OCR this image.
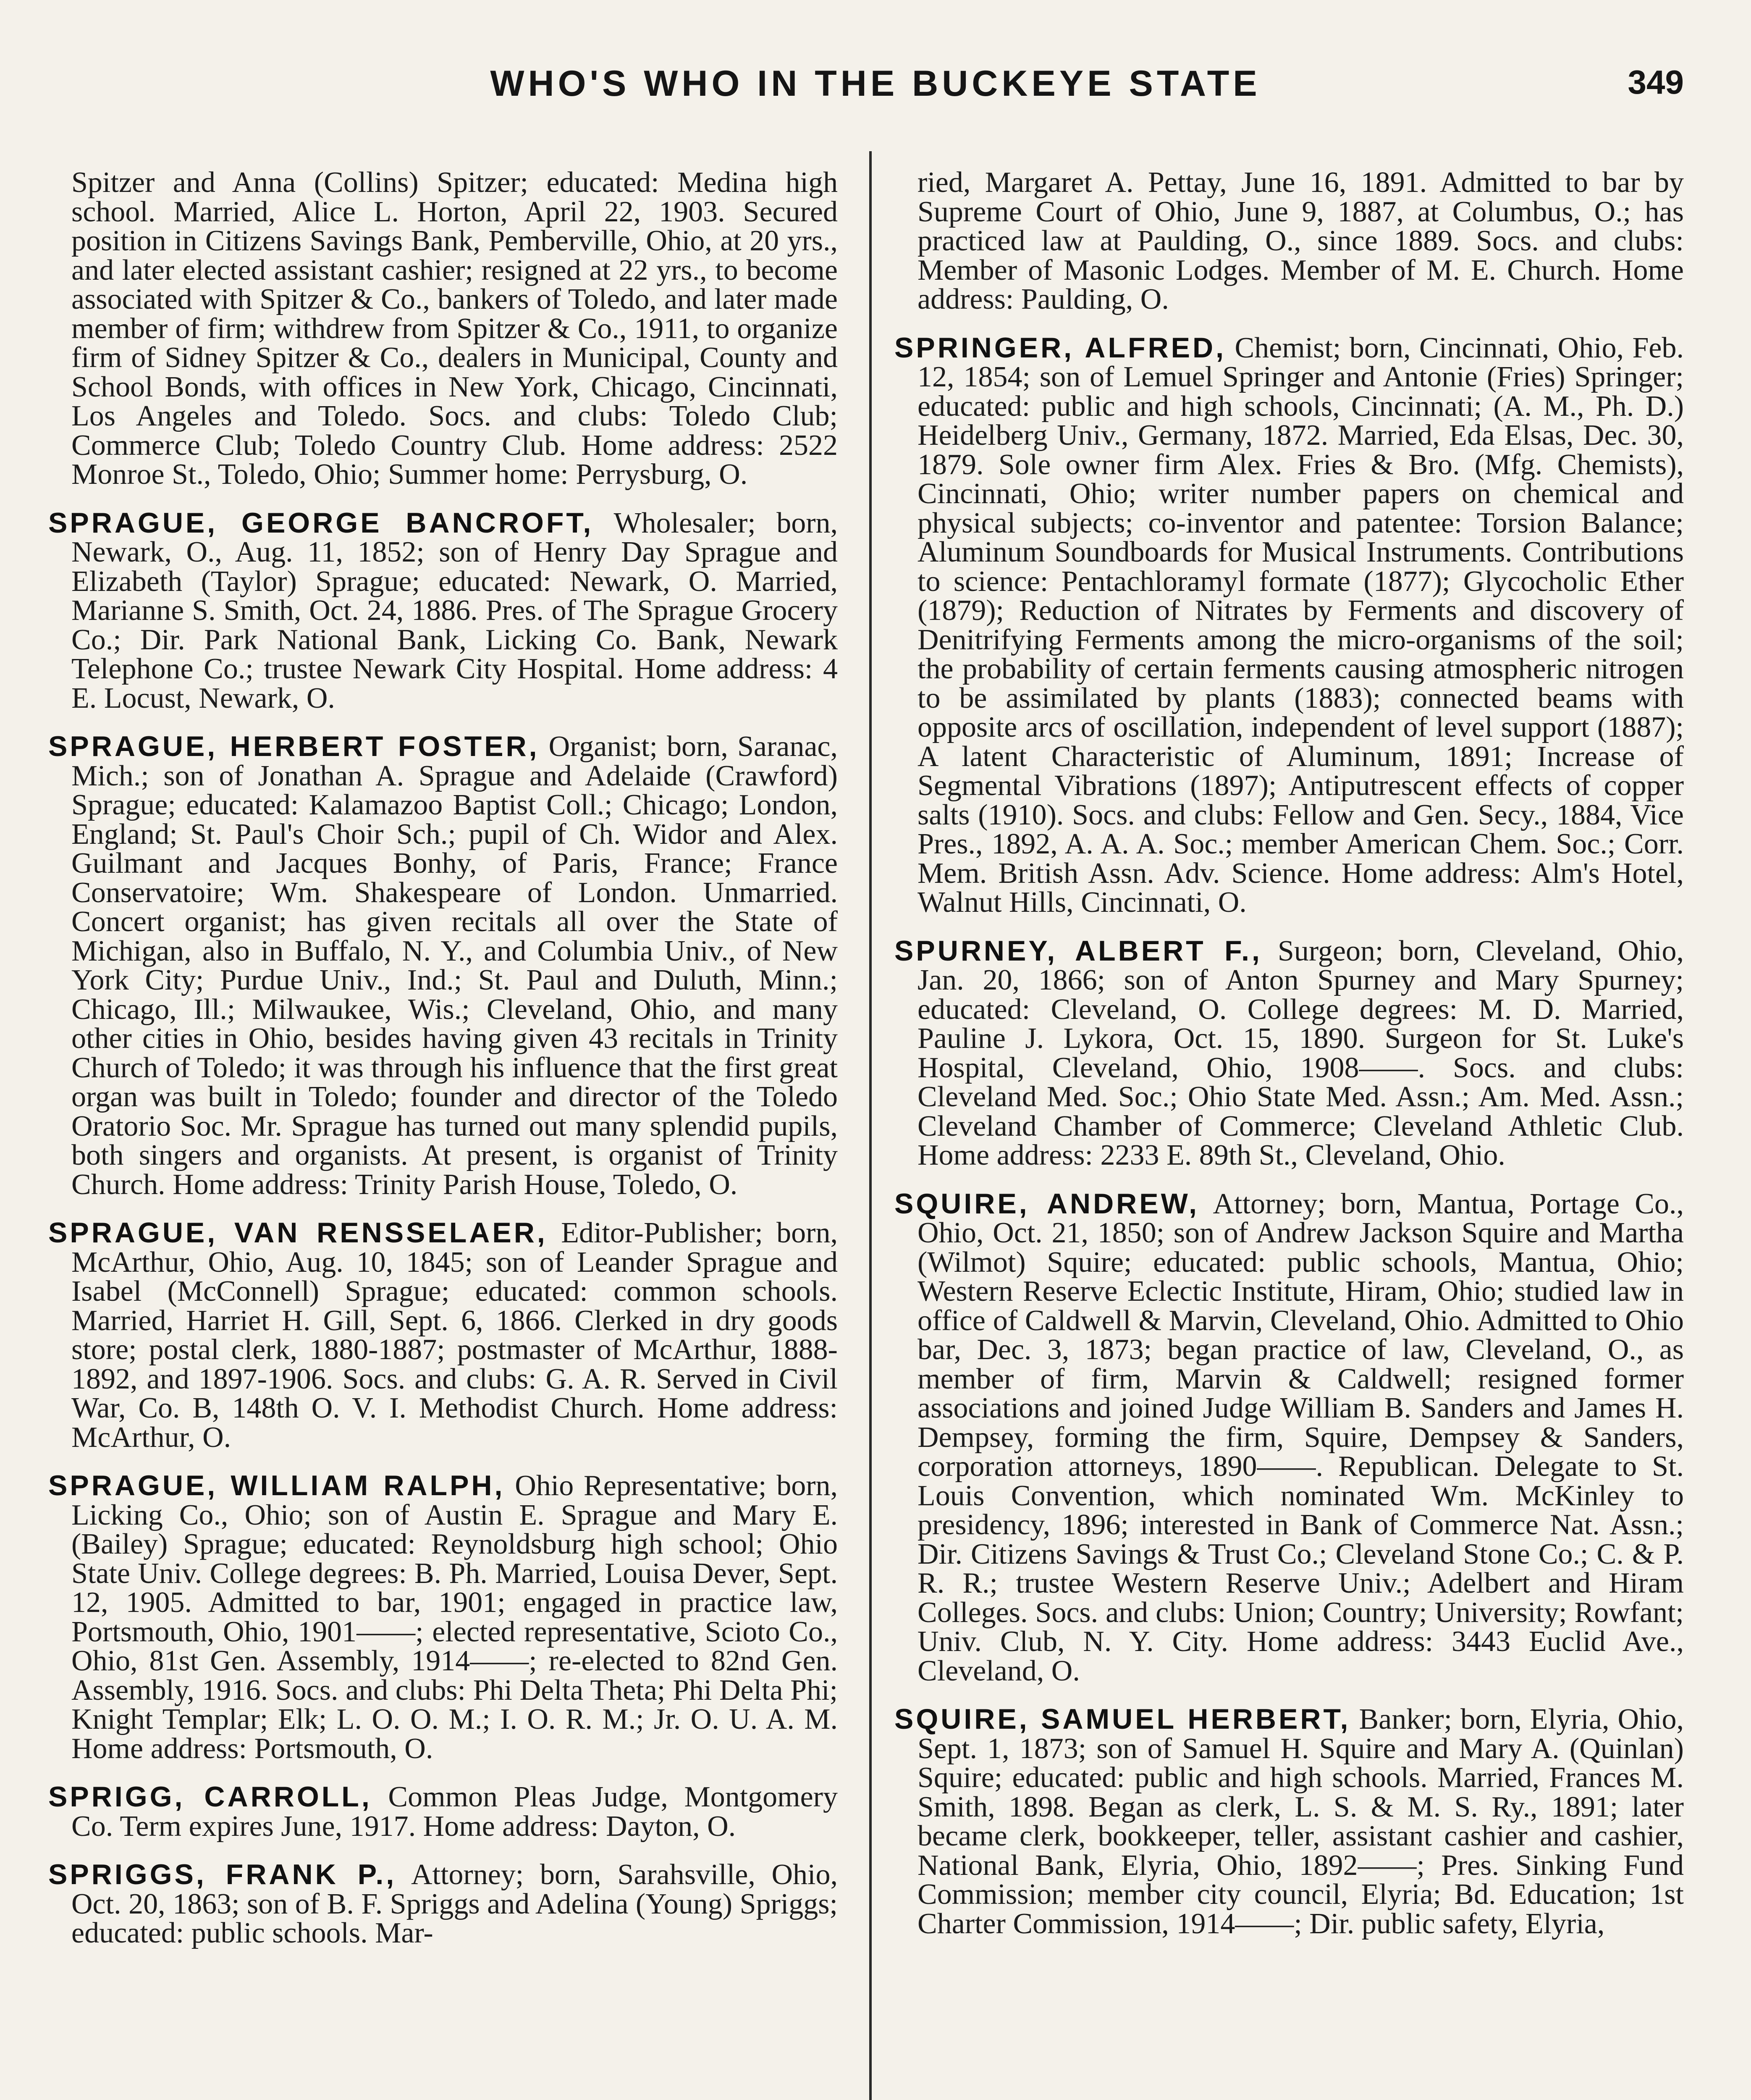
WHO'S WHO IN THE BUCKEYE STATE	349

Spitzer and Anna (Collins) Spitzer; educated: Medina high school. Married, Alice L. Horton, April 22, 1903. Secured position in Citizens Savings Bank, Pemberville, Ohio, at 20 yrs., and later elected assistant cashier; resigned at 22 yrs., to become associated with Spitzer & Co., bankers of Toledo, and later made member of firm; withdrew from Spitzer & Co., 1911, to organize firm of Sidney Spitzer & Co., dealers in Municipal, County and School Bonds, with offices in New York, Chicago, Cincinnati, Los Angeles and Toledo. Socs. and clubs: Toledo Club; Commerce Club; Toledo Country Club. Home address: 2522 Monroe St., Toledo, Ohio; Summer home: Perrysburg, O.

SPRAGUE, GEORGE BANCROFT, Wholesaler; born, Newark, O., Aug. 11, 1852; son of Henry Day Sprague and Elizabeth (Taylor) Sprague; educated: Newark, O. Married, Marianne S. Smith, Oct. 24, 1886. Pres. of The Sprague Grocery Co.; Dir. Park National Bank, Licking Co. Bank, Newark Telephone Co.; trustee Newark City Hospital. Home address: 4 E. Locust, Newark, O.

SPRAGUE, HERBERT FOSTER, Organist; born, Saranac, Mich.; son of Jonathan A. Sprague and Adelaide (Crawford) Sprague; educated: Kalamazoo Baptist Coll.; Chicago; London, England; St. Paul's Choir Sch.; pupil of Ch. Widor and Alex. Guilmant and Jacques Bonhy, of Paris, France; France Conservatoire; Wm. Shakespeare of London. Unmarried. Concert organist; has given recitals all over the State of Michigan, also in Buffalo, N. Y., and Columbia Univ., of New York City; Purdue Univ., Ind.; St. Paul and Duluth, Minn.; Chicago, Ill.; Milwaukee, Wis.; Cleveland, Ohio, and many other cities in Ohio, besides having given 43 recitals in Trinity Church of Toledo; it was through his influence that the first great organ was built in Toledo; founder and director of the Toledo Oratorio Soc. Mr. Sprague has turned out many splendid pupils, both singers and organists. At present, is organist of Trinity Church. Home address: Trinity Parish House, Toledo, O.

SPRAGUE, VAN RENSSELAER, Editor-Publisher; born, McArthur, Ohio, Aug. 10, 1845; son of Leander Sprague and Isabel (McConnell) Sprague; educated: common schools. Married, Harriet H. Gill, Sept. 6, 1866. Clerked in dry goods store; postal clerk, 1880-1887; postmaster of McArthur, 1888-1892, and 1897-1906. Socs. and clubs: G. A. R. Served in Civil War, Co. B, 148th O. V. I. Methodist Church. Home address: McArthur, O.

SPRAGUE, WILLIAM RALPH, Ohio Representative; born, Licking Co., Ohio; son of Austin E. Sprague and Mary E. (Bailey) Sprague; educated: Reynoldsburg high school; Ohio State Univ. College degrees: B. Ph. Married, Louisa Dever, Sept. 12, 1905. Admitted to bar, 1901; engaged in practice law, Portsmouth, Ohio, 1901——; elected representative, Scioto Co., Ohio, 81st Gen. Assembly, 1914——; re-elected to 82nd Gen. Assembly, 1916. Socs. and clubs: Phi Delta Theta; Phi Delta Phi; Knight Templar; Elk; L. O. O. M.; I. O. R. M.; Jr. O. U. A. M. Home address: Portsmouth, O.

SPRIGG, CARROLL, Common Pleas Judge, Montgomery Co. Term expires June, 1917. Home address: Dayton, O.

SPRIGGS, FRANK P., Attorney; born, Sarahsville, Ohio, Oct. 20, 1863; son of B. F. Spriggs and Adelina (Young) Spriggs; educated: public schools. Mar-

ried, Margaret A. Pettay, June 16, 1891. Admitted to bar by Supreme Court of Ohio, June 9, 1887, at Columbus, O.; has practiced law at Paulding, O., since 1889. Socs. and clubs: Member of Masonic Lodges. Member of M. E. Church. Home address: Paulding, O.

SPRINGER, ALFRED, Chemist; born, Cincinnati, Ohio, Feb. 12, 1854; son of Lemuel Springer and Antonie (Fries) Springer; educated: public and high schools, Cincinnati; (A. M., Ph. D.) Heidelberg Univ., Germany, 1872. Married, Eda Elsas, Dec. 30, 1879. Sole owner firm Alex. Fries & Bro. (Mfg. Chemists), Cincinnati, Ohio; writer number papers on chemical and physical subjects; co-inventor and patentee: Torsion Balance; Aluminum Soundboards for Musical Instruments. Contributions to science: Pentachloramyl formate (1877); Glycocholic Ether (1879); Reduction of Nitrates by Ferments and discovery of Denitrifying Ferments among the micro-organisms of the soil; the probability of certain ferments causing atmospheric nitrogen to be assimilated by plants (1883); connected beams with opposite arcs of oscillation, independent of level support (1887); A latent Characteristic of Aluminum, 1891; Increase of Segmental Vibrations (1897); Antiputrescent effects of copper salts (1910). Socs. and clubs: Fellow and Gen. Secy., 1884, Vice Pres., 1892, A. A. A. Soc.; member American Chem. Soc.; Corr. Mem. British Assn. Adv. Science. Home address: Alm's Hotel, Walnut Hills, Cincinnati, O.

SPURNEY, ALBERT F., Surgeon; born, Cleveland, Ohio, Jan. 20, 1866; son of Anton Spurney and Mary Spurney; educated: Cleveland, O. College degrees: M. D. Married, Pauline J. Lykora, Oct. 15, 1890. Surgeon for St. Luke's Hospital, Cleveland, Ohio, 1908——. Socs. and clubs: Cleveland Med. Soc.; Ohio State Med. Assn.; Am. Med. Assn.; Cleveland Chamber of Commerce; Cleveland Athletic Club. Home address: 2233 E. 89th St., Cleveland, Ohio.

SQUIRE, ANDREW, Attorney; born, Mantua, Portage Co., Ohio, Oct. 21, 1850; son of Andrew Jackson Squire and Martha (Wilmot) Squire; educated: public schools, Mantua, Ohio; Western Reserve Eclectic Institute, Hiram, Ohio; studied law in office of Caldwell & Marvin, Cleveland, Ohio. Admitted to Ohio bar, Dec. 3, 1873; began practice of law, Cleveland, O., as member of firm, Marvin & Caldwell; resigned former associations and joined Judge William B. Sanders and James H. Dempsey, forming the firm, Squire, Dempsey & Sanders, corporation attorneys, 1890——. Republican. Delegate to St. Louis Convention, which nominated Wm. McKinley to presidency, 1896; interested in Bank of Commerce Nat. Assn.; Dir. Citizens Savings & Trust Co.; Cleveland Stone Co.; C. & P. R. R.; trustee Western Reserve Univ.; Adelbert and Hiram Colleges. Socs. and clubs: Union; Country; University; Rowfant; Univ. Club, N. Y. City. Home address: 3443 Euclid Ave., Cleveland, O.

SQUIRE, SAMUEL HERBERT, Banker; born, Elyria, Ohio, Sept. 1, 1873; son of Samuel H. Squire and Mary A. (Quinlan) Squire; educated: public and high schools. Married, Frances M. Smith, 1898. Began as clerk, L. S. & M. S. Ry., 1891; later became clerk, bookkeeper, teller, assistant cashier and cashier, National Bank, Elyria, Ohio, 1892——; Pres. Sinking Fund Commission; member city council, Elyria; Bd. Education; 1st Charter Commission, 1914——; Dir. public safety, Elyria,
